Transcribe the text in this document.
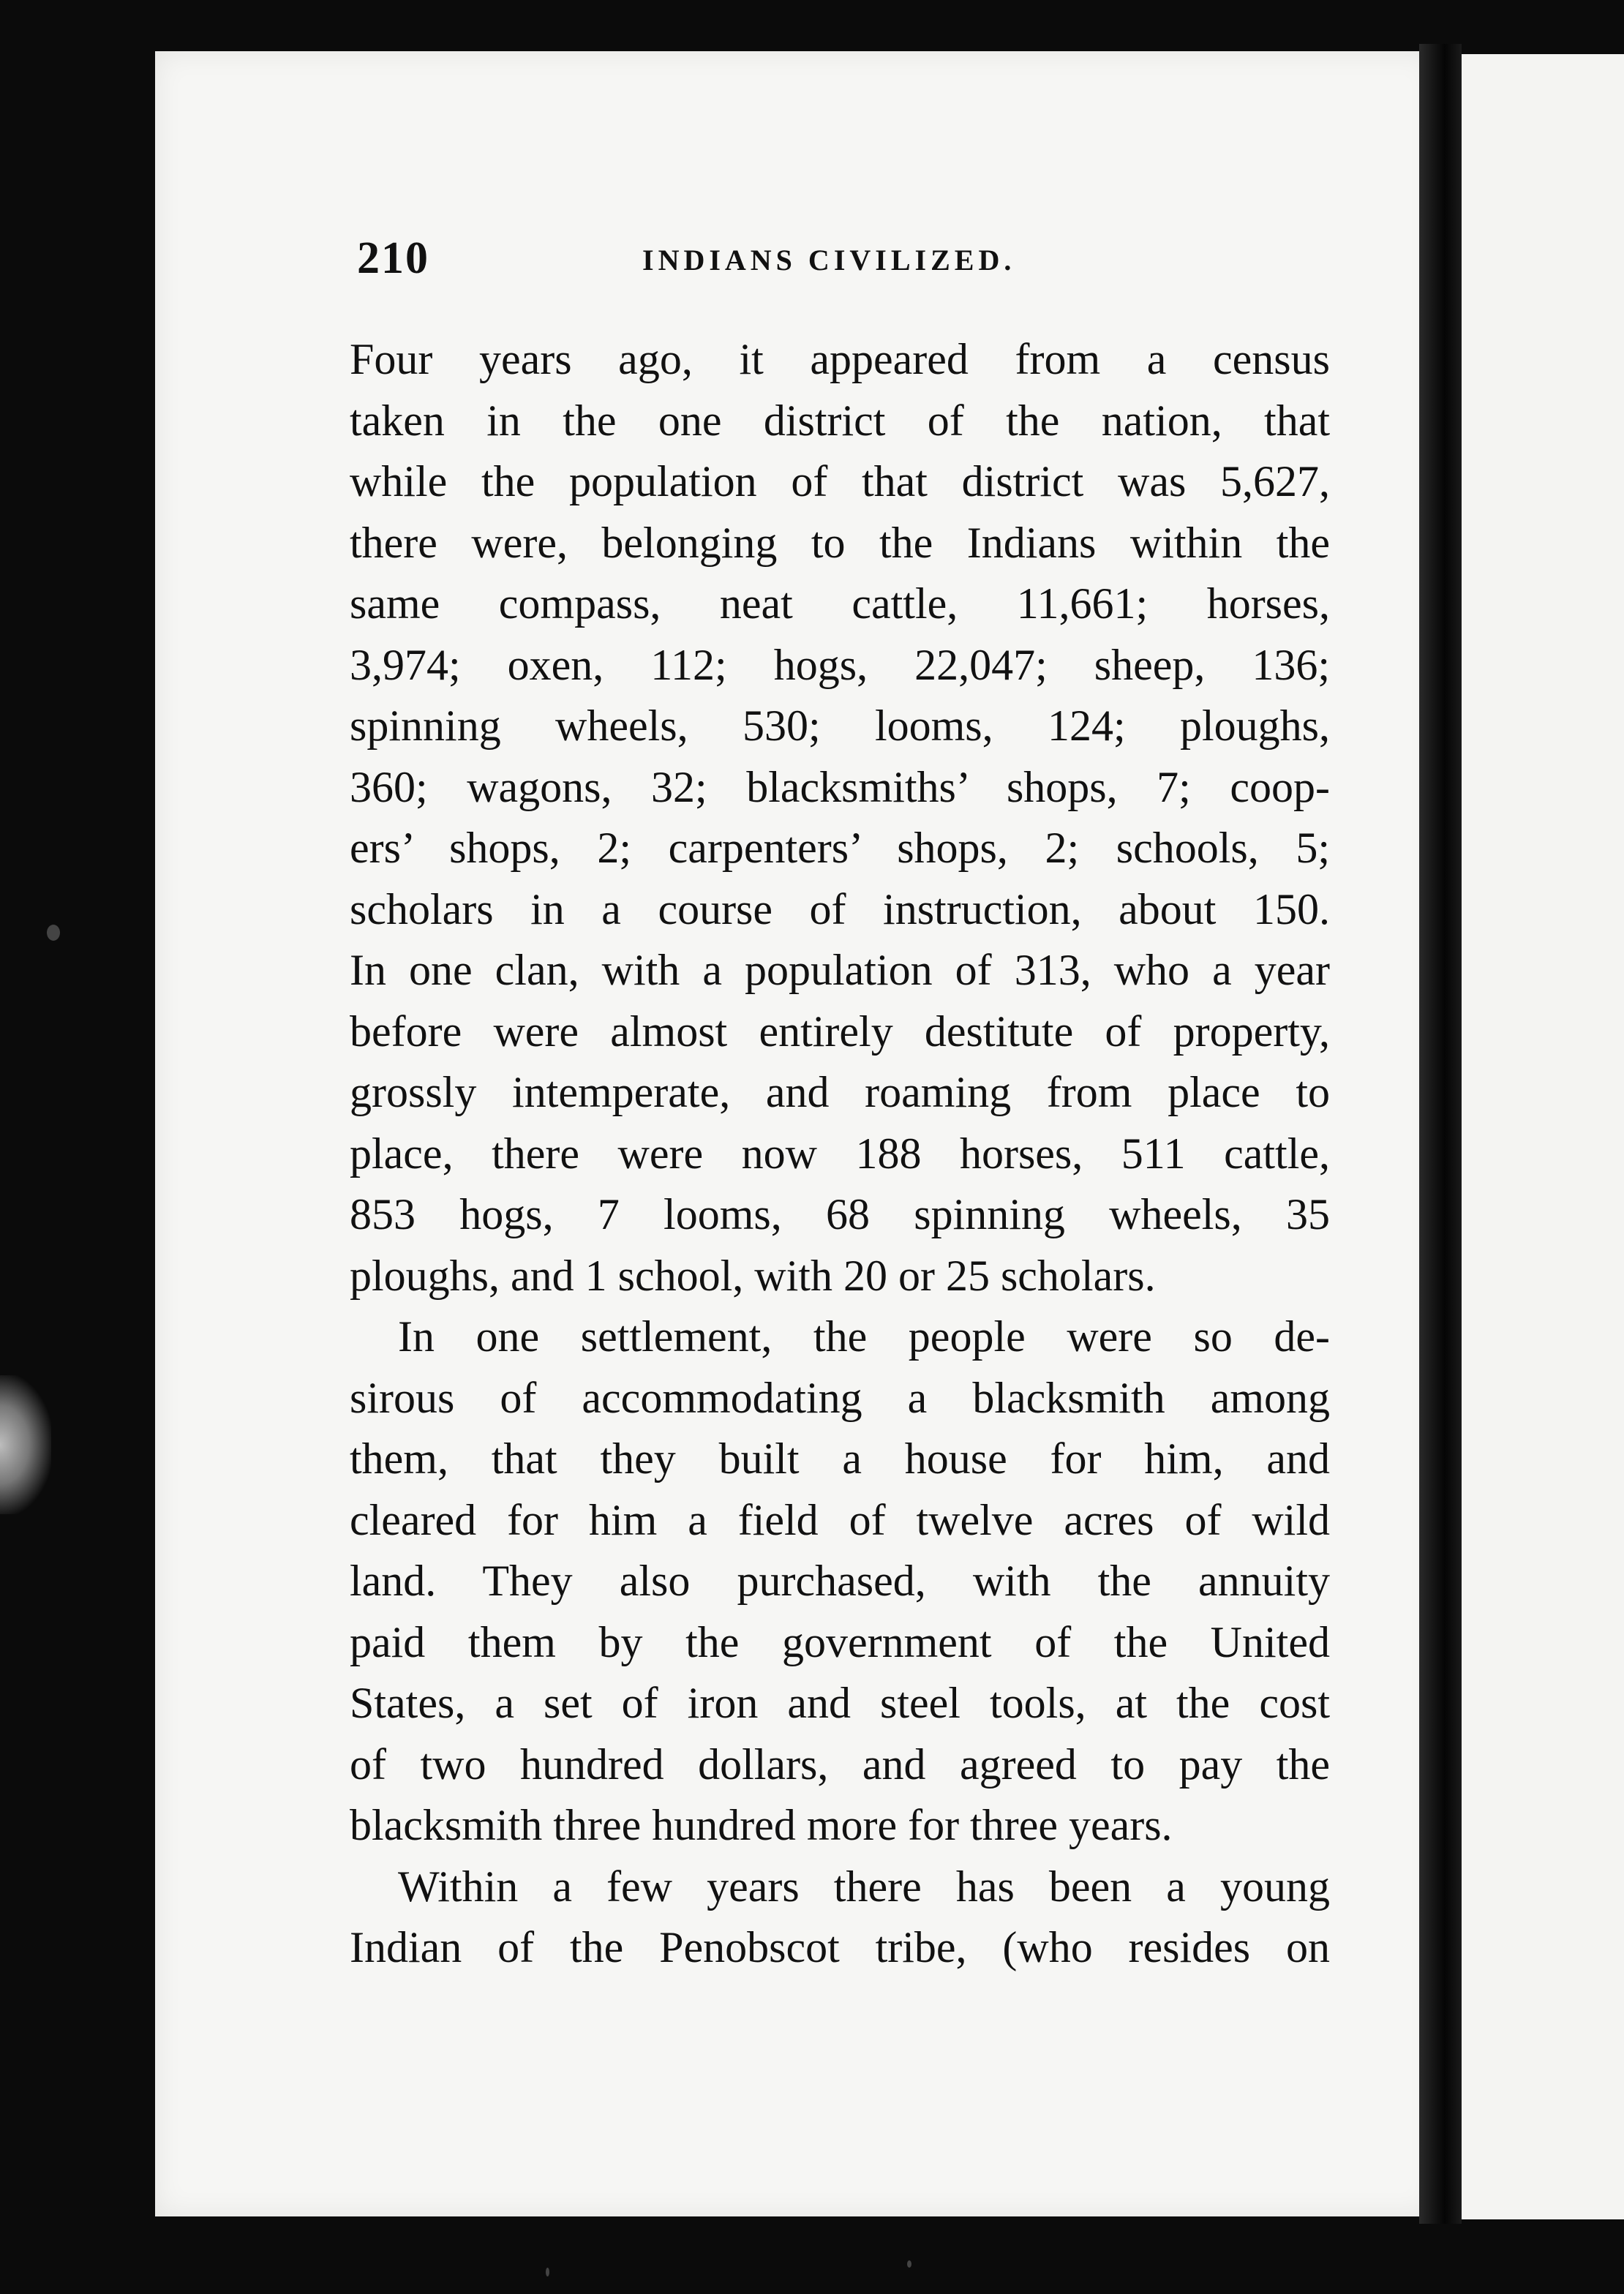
210	INDIANS CIVILIZED.
Four years ago, it appeared from a census
taken in the one district of the nation, that
while the population of that district was 5,627,
there were, belonging to the Indians within the
same compass, neat cattle, 11,661; horses,
3,974; oxen, 112; hogs, 22,047; sheep, 136;
spinning wheels, 530; looms, 124; ploughs,
360; wagons, 32; blacksmiths’ shops, 7; coop-
ers’ shops, 2; carpenters’ shops, 2; schools, 5;
scholars in a course of instruction, about 150.
In one clan, with a population of 313, who a year
before were almost entirely destitute of property,
grossly intemperate, and roaming from place to
place, there were now 188 horses, 511 cattle,
853 hogs, 7 looms, 68 spinning wheels, 35
ploughs, and 1 school, with 20 or 25 scholars.
In one settlement, the people were so de-
sirous of accommodating a blacksmith among
them, that they built a house for him, and
cleared for him a field of twelve acres of wild
land. They also purchased, with the annuity
paid them by the government of the United
States, a set of iron and steel tools, at the cost
of two hundred dollars, and agreed to pay the
blacksmith three hundred more for three years.
Within a few years there has been a young
Indian of the Penobscot tribe, (who resides on
